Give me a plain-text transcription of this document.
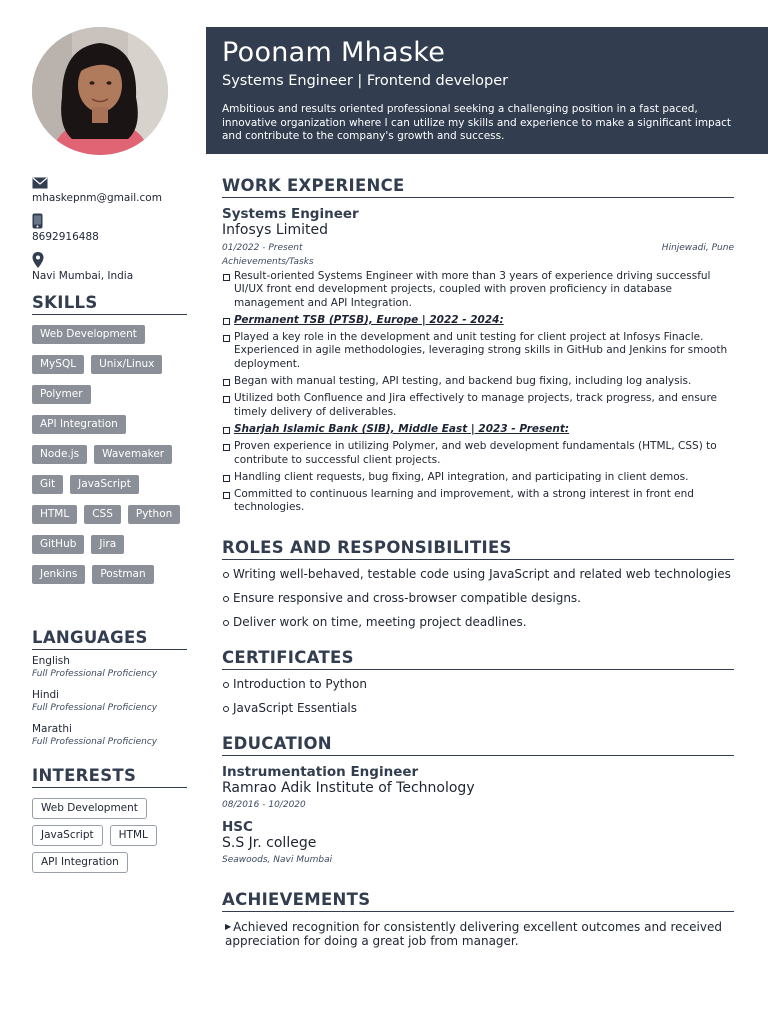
Poonam Mhaske
Systems Engineer | Frontend developer
Ambitious and results oriented professional seeking a challenging position in a fast paced, innovative organization where I can utilize my skills and experience to make a significant impact and contribute to the company's growth and success.
mhaskepnm@gmail.com
8692916488
Navi Mumbai, India
SKILLS
Web Development
MySQL	Unix/Linux
Polymer
API Integration
Node.js	Wavemaker
Git	JavaScript
HTML	CSS	Python
GitHub	Jira
Jenkins	Postman
LANGUAGES
English
Full Professional Proficiency
Hindi
Full Professional Proficiency
Marathi
Full Professional Proficiency
INTERESTS
Web Development
JavaScript	HTML
API Integration
WORK EXPERIENCE
Systems Engineer
Infosys Limited
01/2022 - Present	Hinjewadi, Pune
Achievements/Tasks
Result-oriented Systems Engineer with more than 3 years of experience driving successful UI/UX front end development projects, coupled with proven proficiency in database management and API Integration.
Permanent TSB (PTSB), Europe | 2022 - 2024:
Played a key role in the development and unit testing for client project at Infosys Finacle. Experienced in agile methodologies, leveraging strong skills in GitHub and Jenkins for smooth deployment.
Began with manual testing, API testing, and backend bug fixing, including log analysis.
Utilized both Confluence and Jira effectively to manage projects, track progress, and ensure timely delivery of deliverables.
Sharjah Islamic Bank (SIB), Middle East | 2023 - Present:
Proven experience in utilizing Polymer, and web development fundamentals (HTML, CSS) to contribute to successful client projects.
Handling client requests, bug fixing, API integration, and participating in client demos.
Committed to continuous learning and improvement, with a strong interest in front end technologies.
ROLES AND RESPONSIBILITIES
Writing well-behaved, testable code using JavaScript and related web technologies
Ensure responsive and cross-browser compatible designs.
Deliver work on time, meeting project deadlines.
CERTIFICATES
Introduction to Python
JavaScript Essentials
EDUCATION
Instrumentation Engineer
Ramrao Adik Institute of Technology
08/2016 - 10/2020
HSC
S.S Jr. college
Seawoods, Navi Mumbai
ACHIEVEMENTS
▶ Achieved recognition for consistently delivering excellent outcomes and received appreciation for doing a great job from manager.
